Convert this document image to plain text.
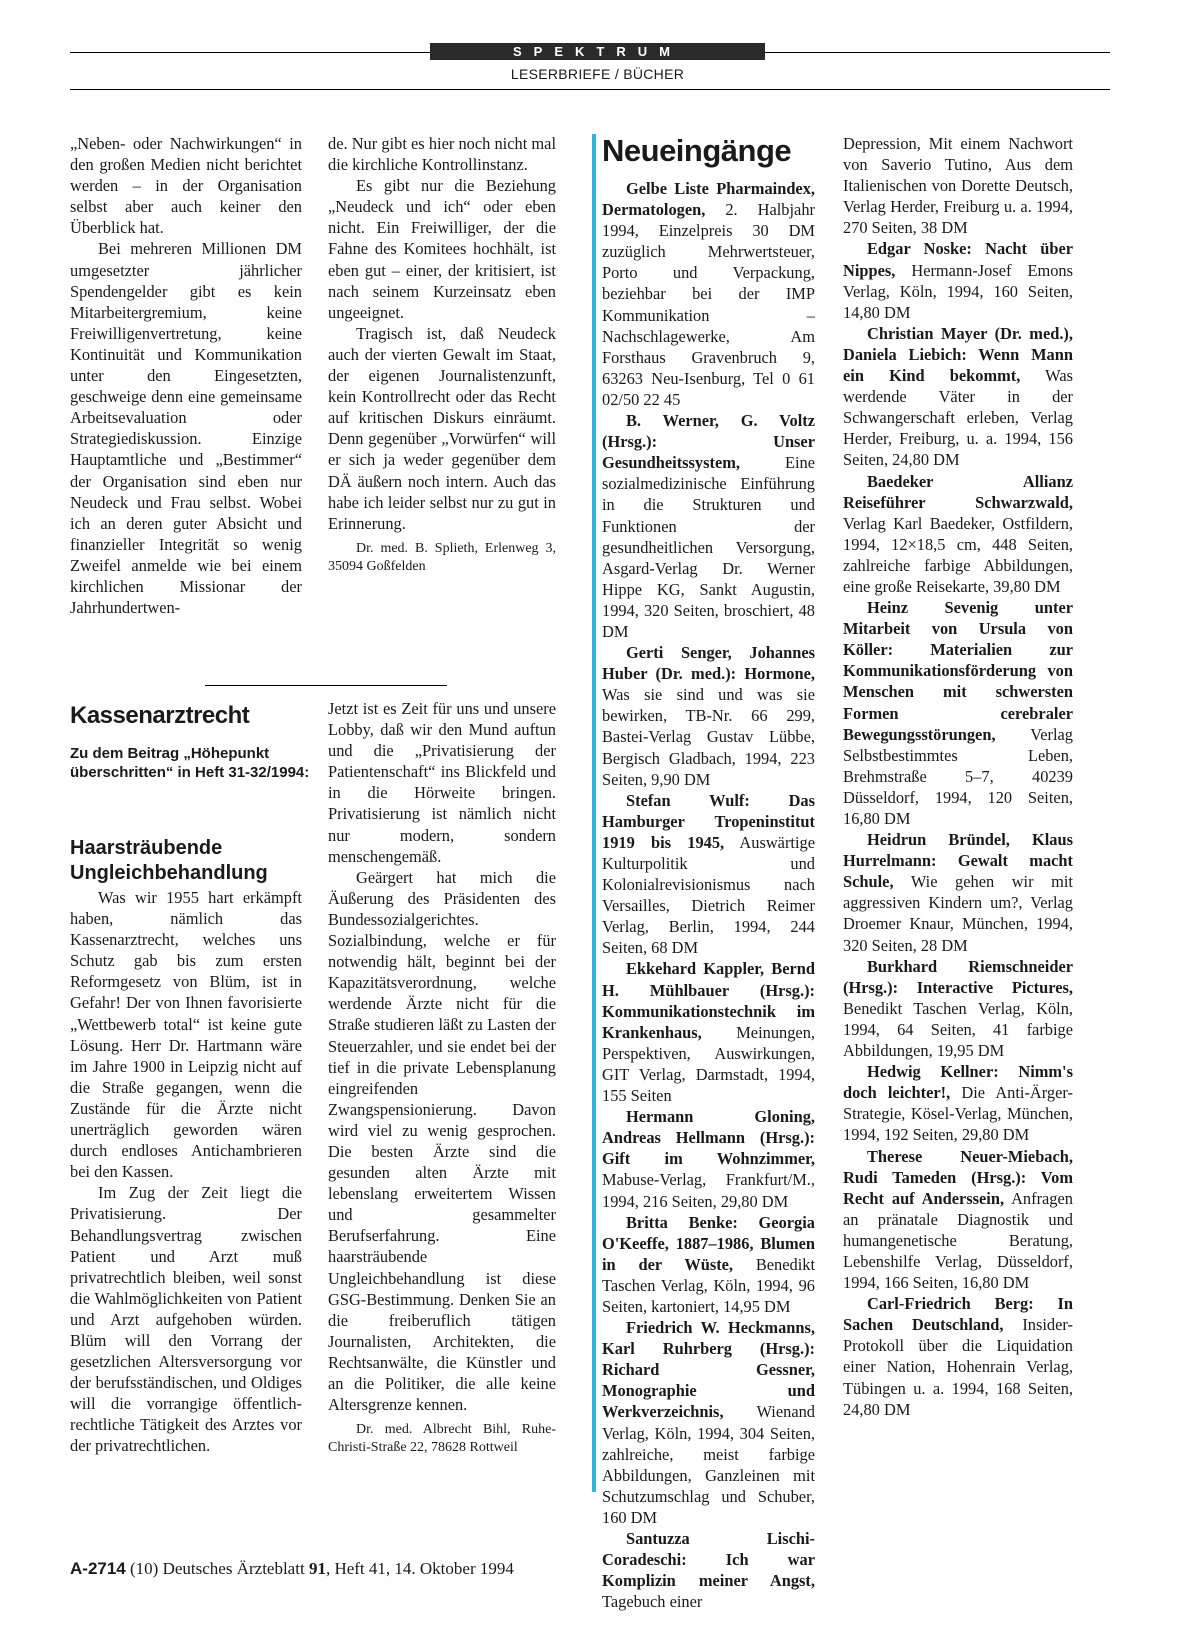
SPEKTRUM
LESERBRIEFE / BÜCHER

„Neben- oder Nachwirkungen“ in den großen Medien nicht berichtet werden – in der Organisation selbst aber auch keiner den Überblick hat.

Bei mehreren Millionen DM umgesetzter jährlicher Spendengelder gibt es kein Mitarbeitergremium, keine Freiwilligenvertretung, keine Kontinuität und Kommunikation unter den Eingesetzten, geschweige denn eine gemeinsame Arbeitsevaluation oder Strategiediskussion. Einzige Hauptamtliche und „Bestimmer“ der Organisation sind eben nur Neudeck und Frau selbst. Wobei ich an deren guter Absicht und finanzieller Integrität so wenig Zweifel anmelde wie bei einem kirchlichen Missionar der Jahrhundertwen-

de. Nur gibt es hier noch nicht mal die kirchliche Kontrollinstanz.

Es gibt nur die Beziehung „Neudeck und ich“ oder eben nicht. Ein Freiwilliger, der die Fahne des Komitees hochhält, ist eben gut – einer, der kritisiert, ist nach seinem Kurzeinsatz eben ungeeignet.

Tragisch ist, daß Neudeck auch der vierten Gewalt im Staat, der eigenen Journalistenzunft, kein Kontrollrecht oder das Recht auf kritischen Diskurs einräumt. Denn gegenüber „Vorwürfen“ will er sich ja weder gegenüber dem DÄ äußern noch intern. Auch das habe ich leider selbst nur zu gut in Erinnerung.

Dr. med. B. Splieth, Erlenweg 3, 35094 Goßfelden

Kassenarztrecht
Zu dem Beitrag „Höhepunkt überschritten“ in Heft 31-32/1994:
Haarsträubende Ungleichbehandlung

Was wir 1955 hart erkämpft haben, nämlich das Kassenarztrecht, welches uns Schutz gab bis zum ersten Reformgesetz von Blüm, ist in Gefahr! Der von Ihnen favorisierte „Wettbewerb total“ ist keine gute Lösung. Herr Dr. Hartmann wäre im Jahre 1900 in Leipzig nicht auf die Straße gegangen, wenn die Zustände für die Ärzte nicht unerträglich geworden wären durch endloses Antichambrieren bei den Kassen.

Im Zug der Zeit liegt die Privatisierung. Der Behandlungsvertrag zwischen Patient und Arzt muß privatrechtlich bleiben, weil sonst die Wahlmöglichkeiten von Patient und Arzt aufgehoben würden. Blüm will den Vorrang der gesetzlichen Altersversorgung vor der berufsständischen, und Oldiges will die vorrangige öffentlich-rechtliche Tätigkeit des Arztes vor der privatrechtlichen.

Jetzt ist es Zeit für uns und unsere Lobby, daß wir den Mund auftun und die „Privatisierung der Patientenschaft“ ins Blickfeld und in die Hörweite bringen. Privatisierung ist nämlich nicht nur modern, sondern menschengemäß.

Geärgert hat mich die Äußerung des Präsidenten des Bundessozialgerichtes. Sozialbindung, welche er für notwendig hält, beginnt bei der Kapazitätsverordnung, welche werdende Ärzte nicht für die Straße studieren läßt zu Lasten der Steuerzahler, und sie endet bei der tief in die private Lebensplanung eingreifenden Zwangspensionierung. Davon wird viel zu wenig gesprochen. Die besten Ärzte sind die gesunden alten Ärzte mit lebenslang erweitertem Wissen und gesammelter Berufserfahrung. Eine haarsträubende Ungleichbehandlung ist diese GSG-Bestimmung. Denken Sie an die freiberuflich tätigen Journalisten, Architekten, die Rechtsanwälte, die Künstler und an die Politiker, die alle keine Altersgrenze kennen.

Dr. med. Albrecht Bihl, Ruhe-Christi-Straße 22, 78628 Rottweil

Neueingänge

Gelbe Liste Pharmaindex, Dermatologen, 2. Halbjahr 1994, Einzelpreis 30 DM zuzüglich Mehrwertsteuer, Porto und Verpackung, beziehbar bei der IMP Kommunikation – Nachschlagewerke, Am Forsthaus Gravenbruch 9, 63263 Neu-Isenburg, Tel 0 61 02/50 22 45

B. Werner, G. Voltz (Hrsg.): Unser Gesundheitssystem, Eine sozialmedizinische Einführung in die Strukturen und Funktionen der gesundheitlichen Versorgung, Asgard-Verlag Dr. Werner Hippe KG, Sankt Augustin, 1994, 320 Seiten, broschiert, 48 DM

Gerti Senger, Johannes Huber (Dr. med.): Hormone, Was sie sind und was sie bewirken, TB-Nr. 66 299, Bastei-Verlag Gustav Lübbe, Bergisch Gladbach, 1994, 223 Seiten, 9,90 DM

Stefan Wulf: Das Hamburger Tropeninstitut 1919 bis 1945, Auswärtige Kulturpolitik und Kolonialrevisionismus nach Versailles, Dietrich Reimer Verlag, Berlin, 1994, 244 Seiten, 68 DM

Ekkehard Kappler, Bernd H. Mühlbauer (Hrsg.): Kommunikationstechnik im Krankenhaus, Meinungen, Perspektiven, Auswirkungen, GIT Verlag, Darmstadt, 1994, 155 Seiten

Hermann Gloning, Andreas Hellmann (Hrsg.): Gift im Wohnzimmer, Mabuse-Verlag, Frankfurt/M., 1994, 216 Seiten, 29,80 DM

Britta Benke: Georgia O'Keeffe, 1887–1986, Blumen in der Wüste, Benedikt Taschen Verlag, Köln, 1994, 96 Seiten, kartoniert, 14,95 DM

Friedrich W. Heckmanns, Karl Ruhrberg (Hrsg.): Richard Gessner, Monographie und Werkverzeichnis, Wienand Verlag, Köln, 1994, 304 Seiten, zahlreiche, meist farbige Abbildungen, Ganzleinen mit Schutzumschlag und Schuber, 160 DM

Santuzza Lischi-Coradeschi: Ich war Komplizin meiner Angst, Tagebuch einer

Depression, Mit einem Nachwort von Saverio Tutino, Aus dem Italienischen von Dorette Deutsch, Verlag Herder, Freiburg u. a. 1994, 270 Seiten, 38 DM

Edgar Noske: Nacht über Nippes, Hermann-Josef Emons Verlag, Köln, 1994, 160 Seiten, 14,80 DM

Christian Mayer (Dr. med.), Daniela Liebich: Wenn Mann ein Kind bekommt, Was werdende Väter in der Schwangerschaft erleben, Verlag Herder, Freiburg, u. a. 1994, 156 Seiten, 24,80 DM

Baedeker Allianz Reiseführer Schwarzwald, Verlag Karl Baedeker, Ostfildern, 1994, 12×18,5 cm, 448 Seiten, zahlreiche farbige Abbildungen, eine große Reisekarte, 39,80 DM

Heinz Sevenig unter Mitarbeit von Ursula von Köller: Materialien zur Kommunikationsförderung von Menschen mit schwersten Formen cerebraler Bewegungsstörungen, Verlag Selbstbestimmtes Leben, Brehmstraße 5–7, 40239 Düsseldorf, 1994, 120 Seiten, 16,80 DM

Heidrun Bründel, Klaus Hurrelmann: Gewalt macht Schule, Wie gehen wir mit aggressiven Kindern um?, Verlag Droemer Knaur, München, 1994, 320 Seiten, 28 DM

Burkhard Riemschneider (Hrsg.): Interactive Pictures, Benedikt Taschen Verlag, Köln, 1994, 64 Seiten, 41 farbige Abbildungen, 19,95 DM

Hedwig Kellner: Nimm's doch leichter!, Die Anti-Ärger-Strategie, Kösel-Verlag, München, 1994, 192 Seiten, 29,80 DM

Therese Neuer-Miebach, Rudi Tameden (Hrsg.): Vom Recht auf Anderssein, Anfragen an pränatale Diagnostik und humangenetische Beratung, Lebenshilfe Verlag, Düsseldorf, 1994, 166 Seiten, 16,80 DM

Carl-Friedrich Berg: In Sachen Deutschland, Insider-Protokoll über die Liquidation einer Nation, Hohenrain Verlag, Tübingen u. a. 1994, 168 Seiten, 24,80 DM

A-2714 (10) Deutsches Ärzteblatt 91, Heft 41, 14. Oktober 1994
